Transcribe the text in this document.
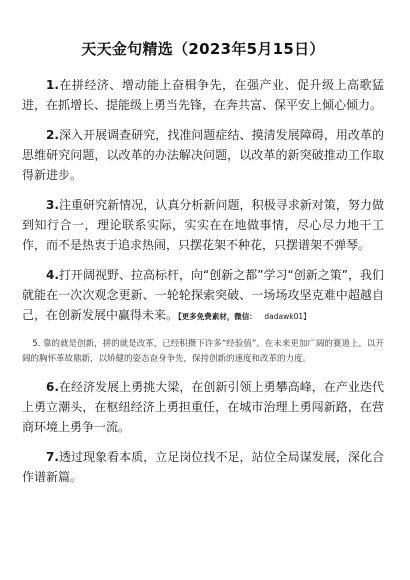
天天金句精选（2023年5月15日）

1.在拼经济、增动能上奋楫争先，在强产业、促升级上高歌猛进，在抓增长、提能级上勇当先锋，在奔共富、保平安上倾心倾力。

2.深入开展调查研究，找准问题症结、摸清发展障碍，用改革的思维研究问题，以改革的办法解决问题，以改革的新突破推动工作取得新进步。

3.注重研究新情况，认真分析新问题，积极寻求新对策，努力做到知行合一，理论联系实际，实实在在地做事情，尽心尽力地干工作，而不是热衷于追求热闹，只摆花架不种花，只摆谱架不弹琴。

4.打开阔视野、拉高标杆，向“创新之都”学习“创新之策”，我们就能在一次次观念更新、一轮轮探索突破、一场场攻坚克难中超越自己，在创新发展中赢得未来。【更多免费素材，微信： dadawk01】

5. 靠的就是创新，拼的就是改革，已经积攒下许多“经验值”。在未来更加广阔的赛道上，以开阔的胸怀革故鼎新，以矫健的姿态奋身争先，保持创新的速度和改革的力度。

6.在经济发展上勇挑大梁，在创新引领上勇攀高峰，在产业迭代上勇立潮头，在枢纽经济上勇担重任，在城市治理上勇闯新路，在营商环境上勇争一流。

7.透过现象看本质，立足岗位找不足，站位全局谋发展，深化合作谱新篇。
